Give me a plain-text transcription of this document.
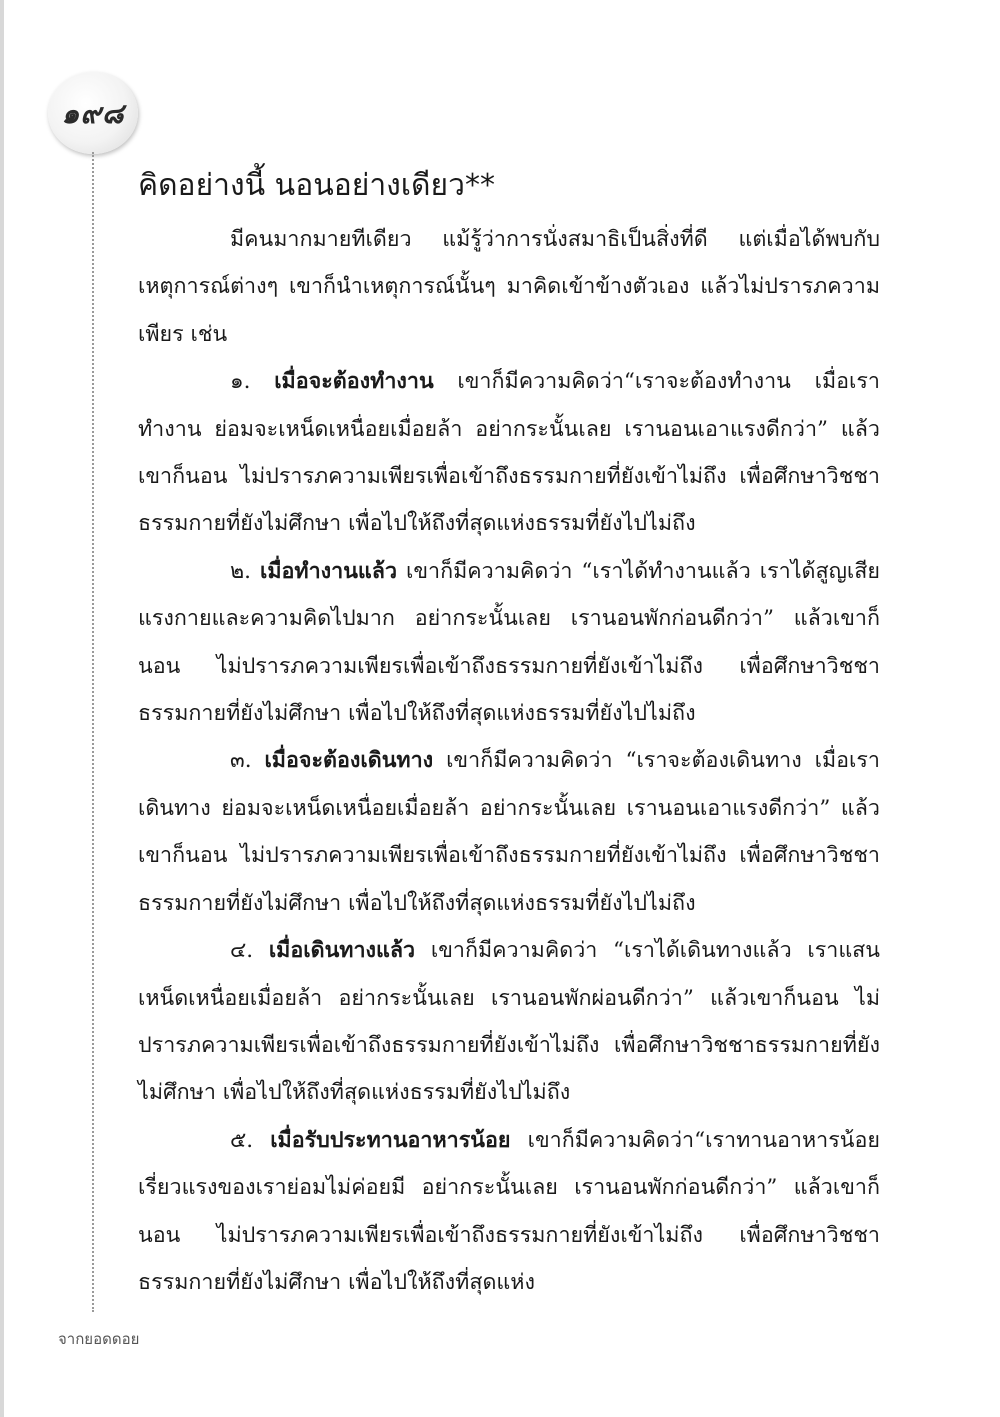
๑๙๘
คิดอย่างนี้ นอนอย่างเดียว**

มีคนมากมายทีเดียว แม้รู้ว่าการนั่งสมาธิเป็นสิ่งที่ดี แต่เมื่อได้พบกับเหตุการณ์ต่างๆ เขาก็นำเหตุการณ์นั้นๆ มาคิดเข้าข้างตัวเอง แล้วไม่ปรารภความเพียร เช่น

๑. เมื่อจะต้องทำงาน เขาก็มีความคิดว่า“เราจะต้องทำงาน เมื่อเราทำงาน ย่อมจะเหน็ดเหนื่อยเมื่อยล้า อย่ากระนั้นเลย เรานอนเอาแรงดีกว่า” แล้วเขาก็นอน ไม่ปรารภความเพียรเพื่อเข้าถึงธรรมกายที่ยังเข้าไม่ถึง เพื่อศึกษาวิชชาธรรมกายที่ยังไม่ศึกษา เพื่อไปให้ถึงที่สุดแห่งธรรมที่ยังไปไม่ถึง

๒. เมื่อทำงานแล้ว เขาก็มีความคิดว่า “เราได้ทำงานแล้ว เราได้สูญเสียแรงกายและความคิดไปมาก อย่ากระนั้นเลย เรานอนพักก่อนดีกว่า” แล้วเขาก็นอน ไม่ปรารภความเพียรเพื่อเข้าถึงธรรมกายที่ยังเข้าไม่ถึง เพื่อศึกษาวิชชาธรรมกายที่ยังไม่ศึกษา เพื่อไปให้ถึงที่สุดแห่งธรรมที่ยังไปไม่ถึง

๓. เมื่อจะต้องเดินทาง เขาก็มีความคิดว่า “เราจะต้องเดินทาง เมื่อเราเดินทาง ย่อมจะเหน็ดเหนื่อยเมื่อยล้า อย่ากระนั้นเลย เรานอนเอาแรงดีกว่า” แล้วเขาก็นอน ไม่ปรารภความเพียรเพื่อเข้าถึงธรรมกายที่ยังเข้าไม่ถึง เพื่อศึกษาวิชชาธรรมกายที่ยังไม่ศึกษา เพื่อไปให้ถึงที่สุดแห่งธรรมที่ยังไปไม่ถึง

๔. เมื่อเดินทางแล้ว เขาก็มีความคิดว่า “เราได้เดินทางแล้ว เราแสนเหน็ดเหนื่อยเมื่อยล้า อย่ากระนั้นเลย เรานอนพักผ่อนดีกว่า” แล้วเขาก็นอน ไม่ปรารภความเพียรเพื่อเข้าถึงธรรมกายที่ยังเข้าไม่ถึง เพื่อศึกษาวิชชาธรรมกายที่ยังไม่ศึกษา เพื่อไปให้ถึงที่สุดแห่งธรรมที่ยังไปไม่ถึง

๕. เมื่อรับประทานอาหารน้อย เขาก็มีความคิดว่า“เราทานอาหารน้อยเรี่ยวแรงของเราย่อมไม่ค่อยมี อย่ากระนั้นเลย เรานอนพักก่อนดีกว่า” แล้วเขาก็นอน ไม่ปรารภความเพียรเพื่อเข้าถึงธรรมกายที่ยังเข้าไม่ถึง เพื่อศึกษาวิชชาธรรมกายที่ยังไม่ศึกษา เพื่อไปให้ถึงที่สุดแห่ง

จากยอดดอย
